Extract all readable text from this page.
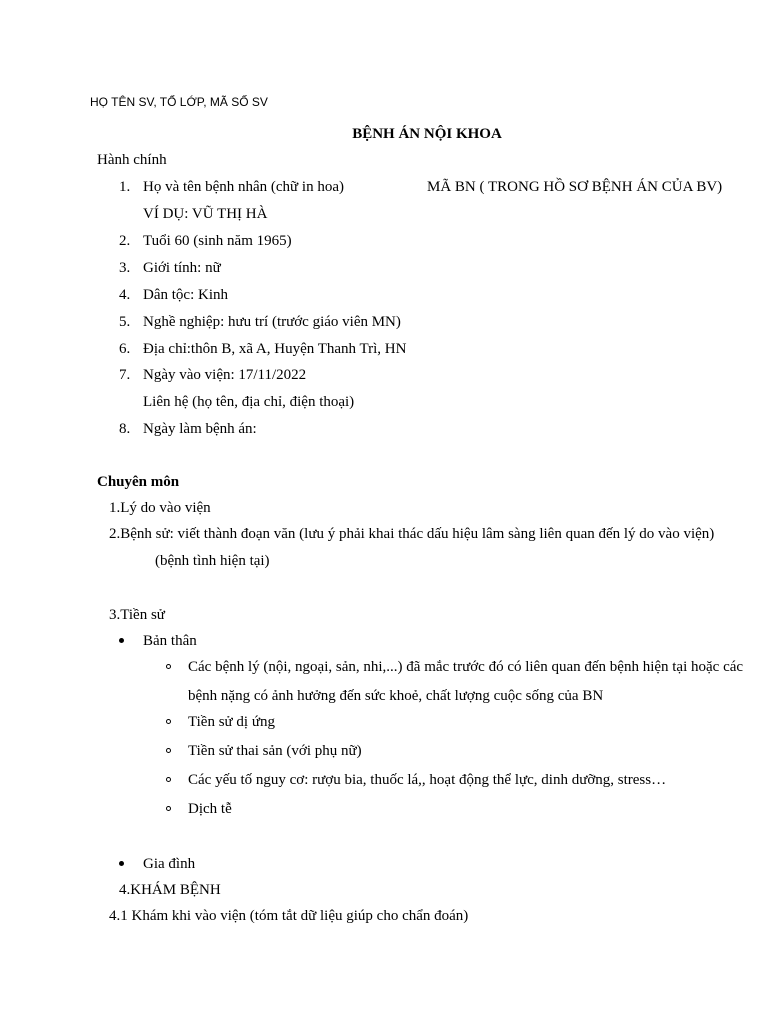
HỌ TÊN SV, TỔ LỚP, MÃ SỐ SV
BỆNH ÁN NỘI KHOA
Hành chính
1. Họ và tên bệnh nhân (chữ in hoa)	MÃ BN ( TRONG HỒ SƠ BỆNH ÁN CỦA BV)
VÍ DỤ: VŨ THỊ HÀ
2. Tuổi 60 (sinh năm 1965)
3. Giới tính: nữ
4. Dân tộc: Kinh
5. Nghề nghiệp: hưu trí (trước giáo viên MN)
6. Địa chỉ:thôn B, xã A, Huyện Thanh Trì, HN
7. Ngày vào viện: 17/11/2022
Liên hệ (họ tên, địa chỉ, điện thoại)
8. Ngày làm bệnh án:
Chuyên môn
1.Lý do vào viện
2.Bệnh sử: viết thành đoạn văn (lưu ý phải khai thác dấu hiệu lâm sàng liên quan đến lý do vào viện)
(bệnh tình hiện tại)
3.Tiền sử
Bản thân
Các bệnh lý (nội, ngoại, sản, nhi,...) đã mắc trước đó có liên quan đến bệnh hiện tại hoặc các
bệnh nặng có ảnh hưởng đến sức khoẻ, chất lượng cuộc sống của BN
Tiền sử dị ứng
Tiền sử thai sản (với phụ nữ)
Các yếu tố nguy cơ: rượu bia, thuốc lá,, hoạt động thể lực, dinh dưỡng, stress…
Dịch tễ
Gia đình
4.KHÁM BỆNH
4.1 Khám khi vào viện (tóm tắt dữ liệu giúp cho chẩn đoán)
